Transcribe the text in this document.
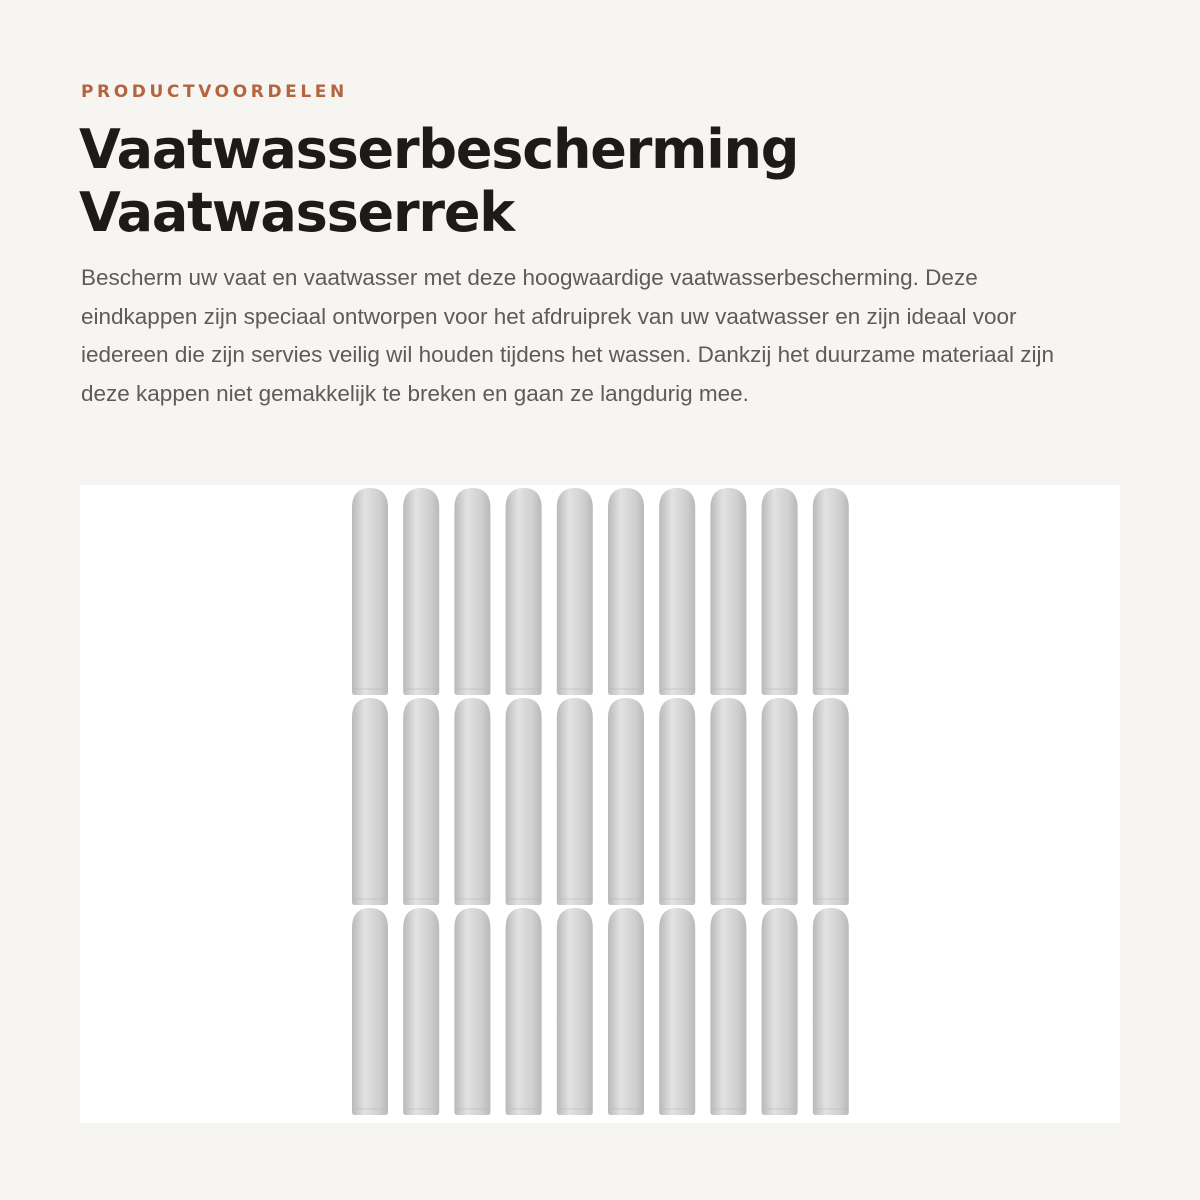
PRODUCTVOORDELEN
Vaatwasserbescherming
Vaatwasserrek

Bescherm uw vaat en vaatwasser met deze hoogwaardige vaatwasserbescherming. Deze eindkappen zijn speciaal ontworpen voor het afdruiprek van uw vaatwasser en zijn ideaal voor iedereen die zijn servies veilig wil houden tijdens het wassen. Dankzij het duurzame materiaal zijn deze kappen niet gemakkelijk te breken en gaan ze langdurig mee.
